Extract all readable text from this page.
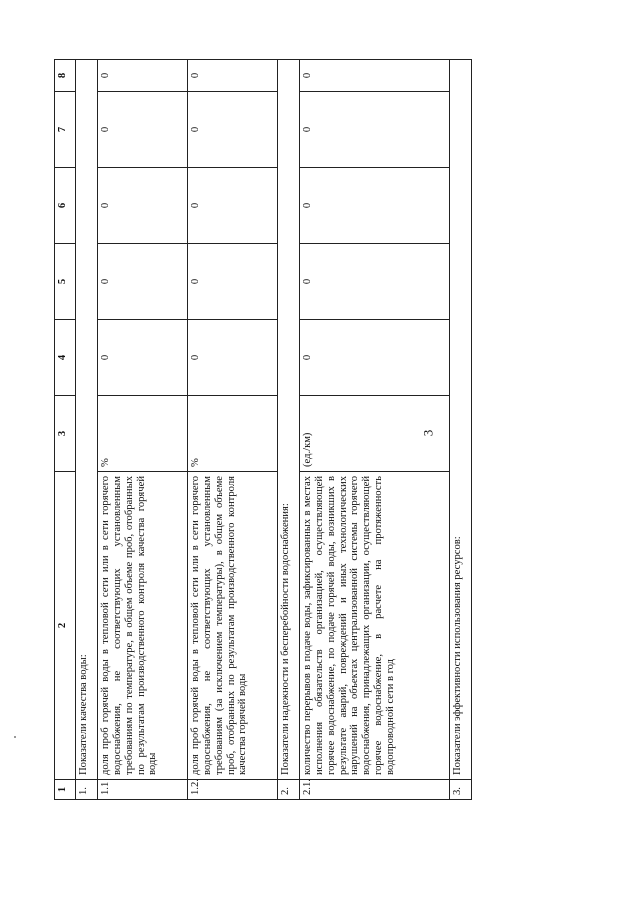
3
1	2	3	4	5	6	7	8
1.	Показатели качества воды:						
1.1	доля проб горячей воды в тепловой сети или в сети горячего водоснабжения, не соответствующих установленным требованиям по температуре, в общем объеме проб, отобранных по результатам производственного контроля качества горячей воды	%	0	0	0	0	0
1.2.	доля проб горячей воды в тепловой сети или в сети горячего водоснабжения, не соответствующих установленным требованиям (за исключением температуры), в общем объеме проб, отобранных по результатам производственного контроля качества горячей воды	%	0	0	0	0	0
2.	Показатели надежности и бесперебойности водоснабжения:						
2.1.	количество перерывов в подаче воды, зафиксированных в местах исполнения обязательств организацией, осуществляющей горячее водоснабжение, по подаче горячей воды, возникших в результате аварий, повреждений и иных технологических нарушений на объектах централизованной системы горячего водоснабжения, принадлежащих организации, осуществляющей горячее водоснабжение, в расчете на протяженность водопроводной сети в год	(ед./км)	0	0	0	0	0
3.	Показатели эффективности использования ресурсов:						
